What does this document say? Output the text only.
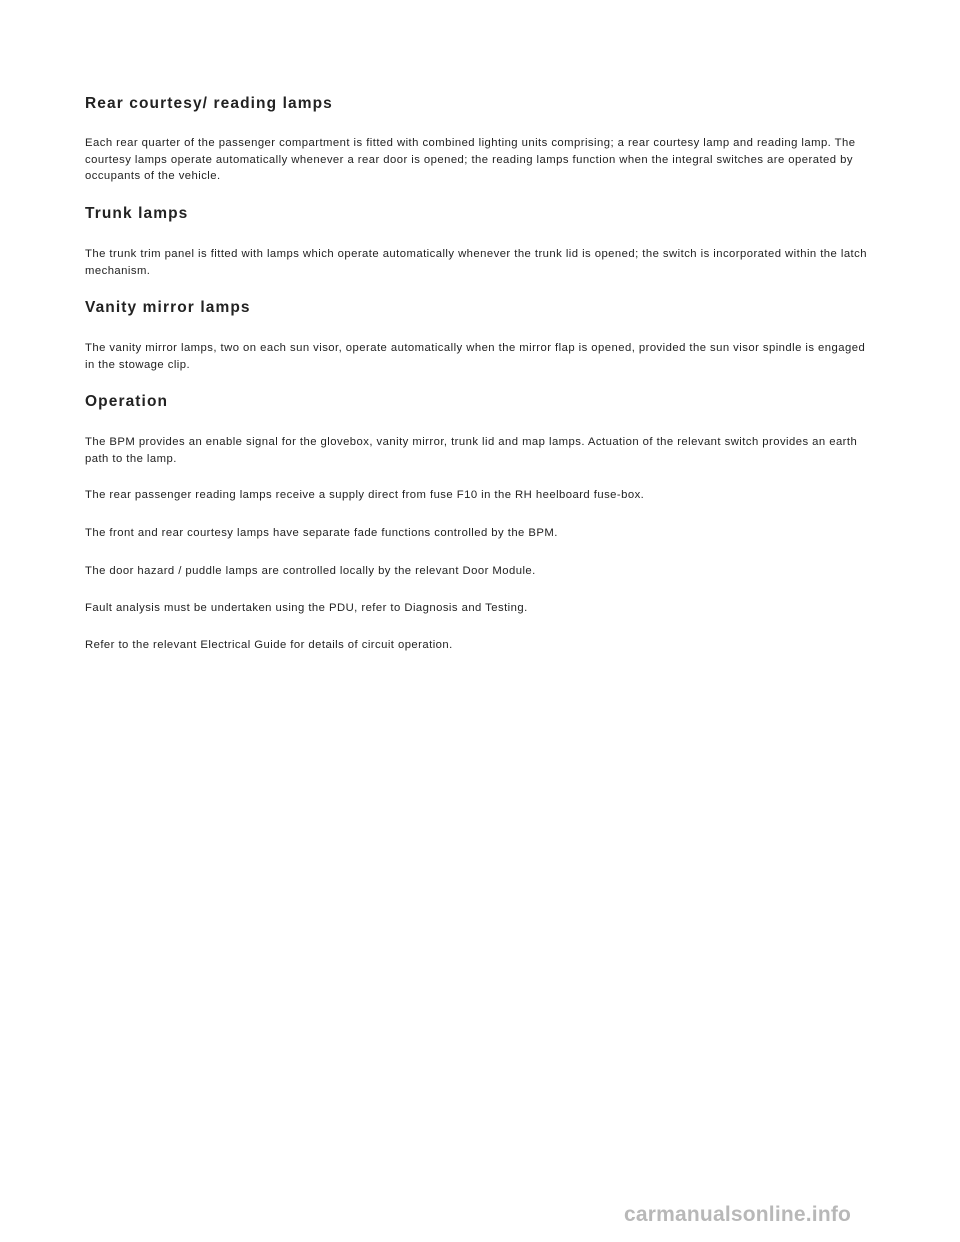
Rear courtesy/ reading lamps

Each rear quarter of the passenger compartment is fitted with combined lighting units comprising; a rear courtesy lamp and reading lamp. The courtesy lamps operate automatically whenever a rear door is opened; the reading lamps function when the integral switches are operated by occupants of the vehicle.

Trunk lamps

The trunk trim panel is fitted with lamps which operate automatically whenever the trunk lid is opened; the switch is incorporated within the latch mechanism.

Vanity mirror lamps

The vanity mirror lamps, two on each sun visor, operate automatically when the mirror flap is opened, provided the sun visor spindle is engaged in the stowage clip.

Operation

The BPM provides an enable signal for the glovebox, vanity mirror, trunk lid and map lamps. Actuation of the relevant switch provides an earth path to the lamp.

The rear passenger reading lamps receive a supply direct from fuse F10 in the RH heelboard fuse-box.

The front and rear courtesy lamps have separate fade functions controlled by the BPM.

The door hazard / puddle lamps are controlled locally by the relevant Door Module.

Fault analysis must be undertaken using the PDU, refer to Diagnosis and Testing.

Refer to the relevant Electrical Guide for details of circuit operation.

carmanualsonline.info
